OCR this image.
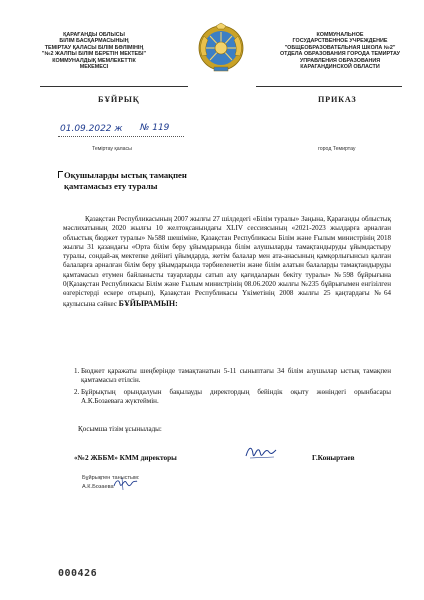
ҚАРАҒАНДЫ ОБЛЫСЫ
БІЛІМ БАСҚАРМАСЫНЫҢ
ТЕМІРТАУ ҚАЛАСЫ БІЛІМ БӨЛІМІНІҢ
"№2 ЖАЛПЫ БІЛІМ БЕРЕТІН МЕКТЕБІ"
КОММУНАЛДЫҚ МЕМЛЕКЕТТІК
МЕКЕМЕСІ
КОММУНАЛЬНОЕ
ГОСУДАРСТВЕННОЕ УЧРЕЖДЕНИЕ
"ОБЩЕОБРАЗОВАТЕЛЬНАЯ ШКОЛА №2"
ОТДЕЛА ОБРАЗОВАНИЯ ГОРОДА ТЕМИРТАУ
УПРАВЛЕНИЯ ОБРАЗОВАНИЯ
КАРАГАНДИНСКОЙ ОБЛАСТИ
БҰЙРЫҚ	ПРИКАЗ
01.09.2022 ж № 119
Теміртау қаласы	город Темиртау
Оқушыларды ыстық тамақпен
қамтамасыз ету туралы
Қазақстан Республикасының 2007 жылғы 27 шілдедегі «Білім туралы» Заңына, Қарағанды облыстық мәслихатының 2020 жылғы 10 желтоқсанындағы XLIV сессиясының «2021-2023 жылдарға арналған облыстық бюджет туралы» №588 шешіміне, Қазақстан Республикасы Білім және Ғылым министрінің 2018 жылғы 31 қазандағы «Орта білім беру ұйымдарында білім алушыларды тамақтандыруды ұйымдастыру туралы, сондай-ақ мектепке дейінгі ұйымдарда, жетім балалар мен ата-анасының қамқорлығынсыз қалған балаларға арналған білім беру ұйымдарында тәрбиеленетін және білім алатын балаларды тамақтандыруды қамтамасыз етумен байланысты тауарларды сатып алу қағидаларын бекіту туралы» №598 бұйрығына 0(Қазақстан Республикасы Білім және Ғылым министрінің 08.06.2020 жылғы №235 бұйрығымен енгізілген өзгерістерді ескере отырып), Қазақстан Республикасы Үкіметінің 2008 жылғы 25 қаңтардағы №64 қаулысына сәйкес БҰЙЫРАМЫН:
1. Бюджет қаражаты шеңберінде тамақтанатын 5-11 сыныптағы 34 білім алушылар ыстық тамақпен қамтамасыз етілсін.
2. Бұйрықтың орындалуын бақылауды директордың бейіндік оқыту жөніндегі орынбасары А.К.Бозаеваға жүктеймін.
Қосымша тізім ұсынылады:
«№2 ЖББМ» КММ директоры	Г.Коныртаев
Бұйрықпен таныстым:
А.К.Бозаева
000426
